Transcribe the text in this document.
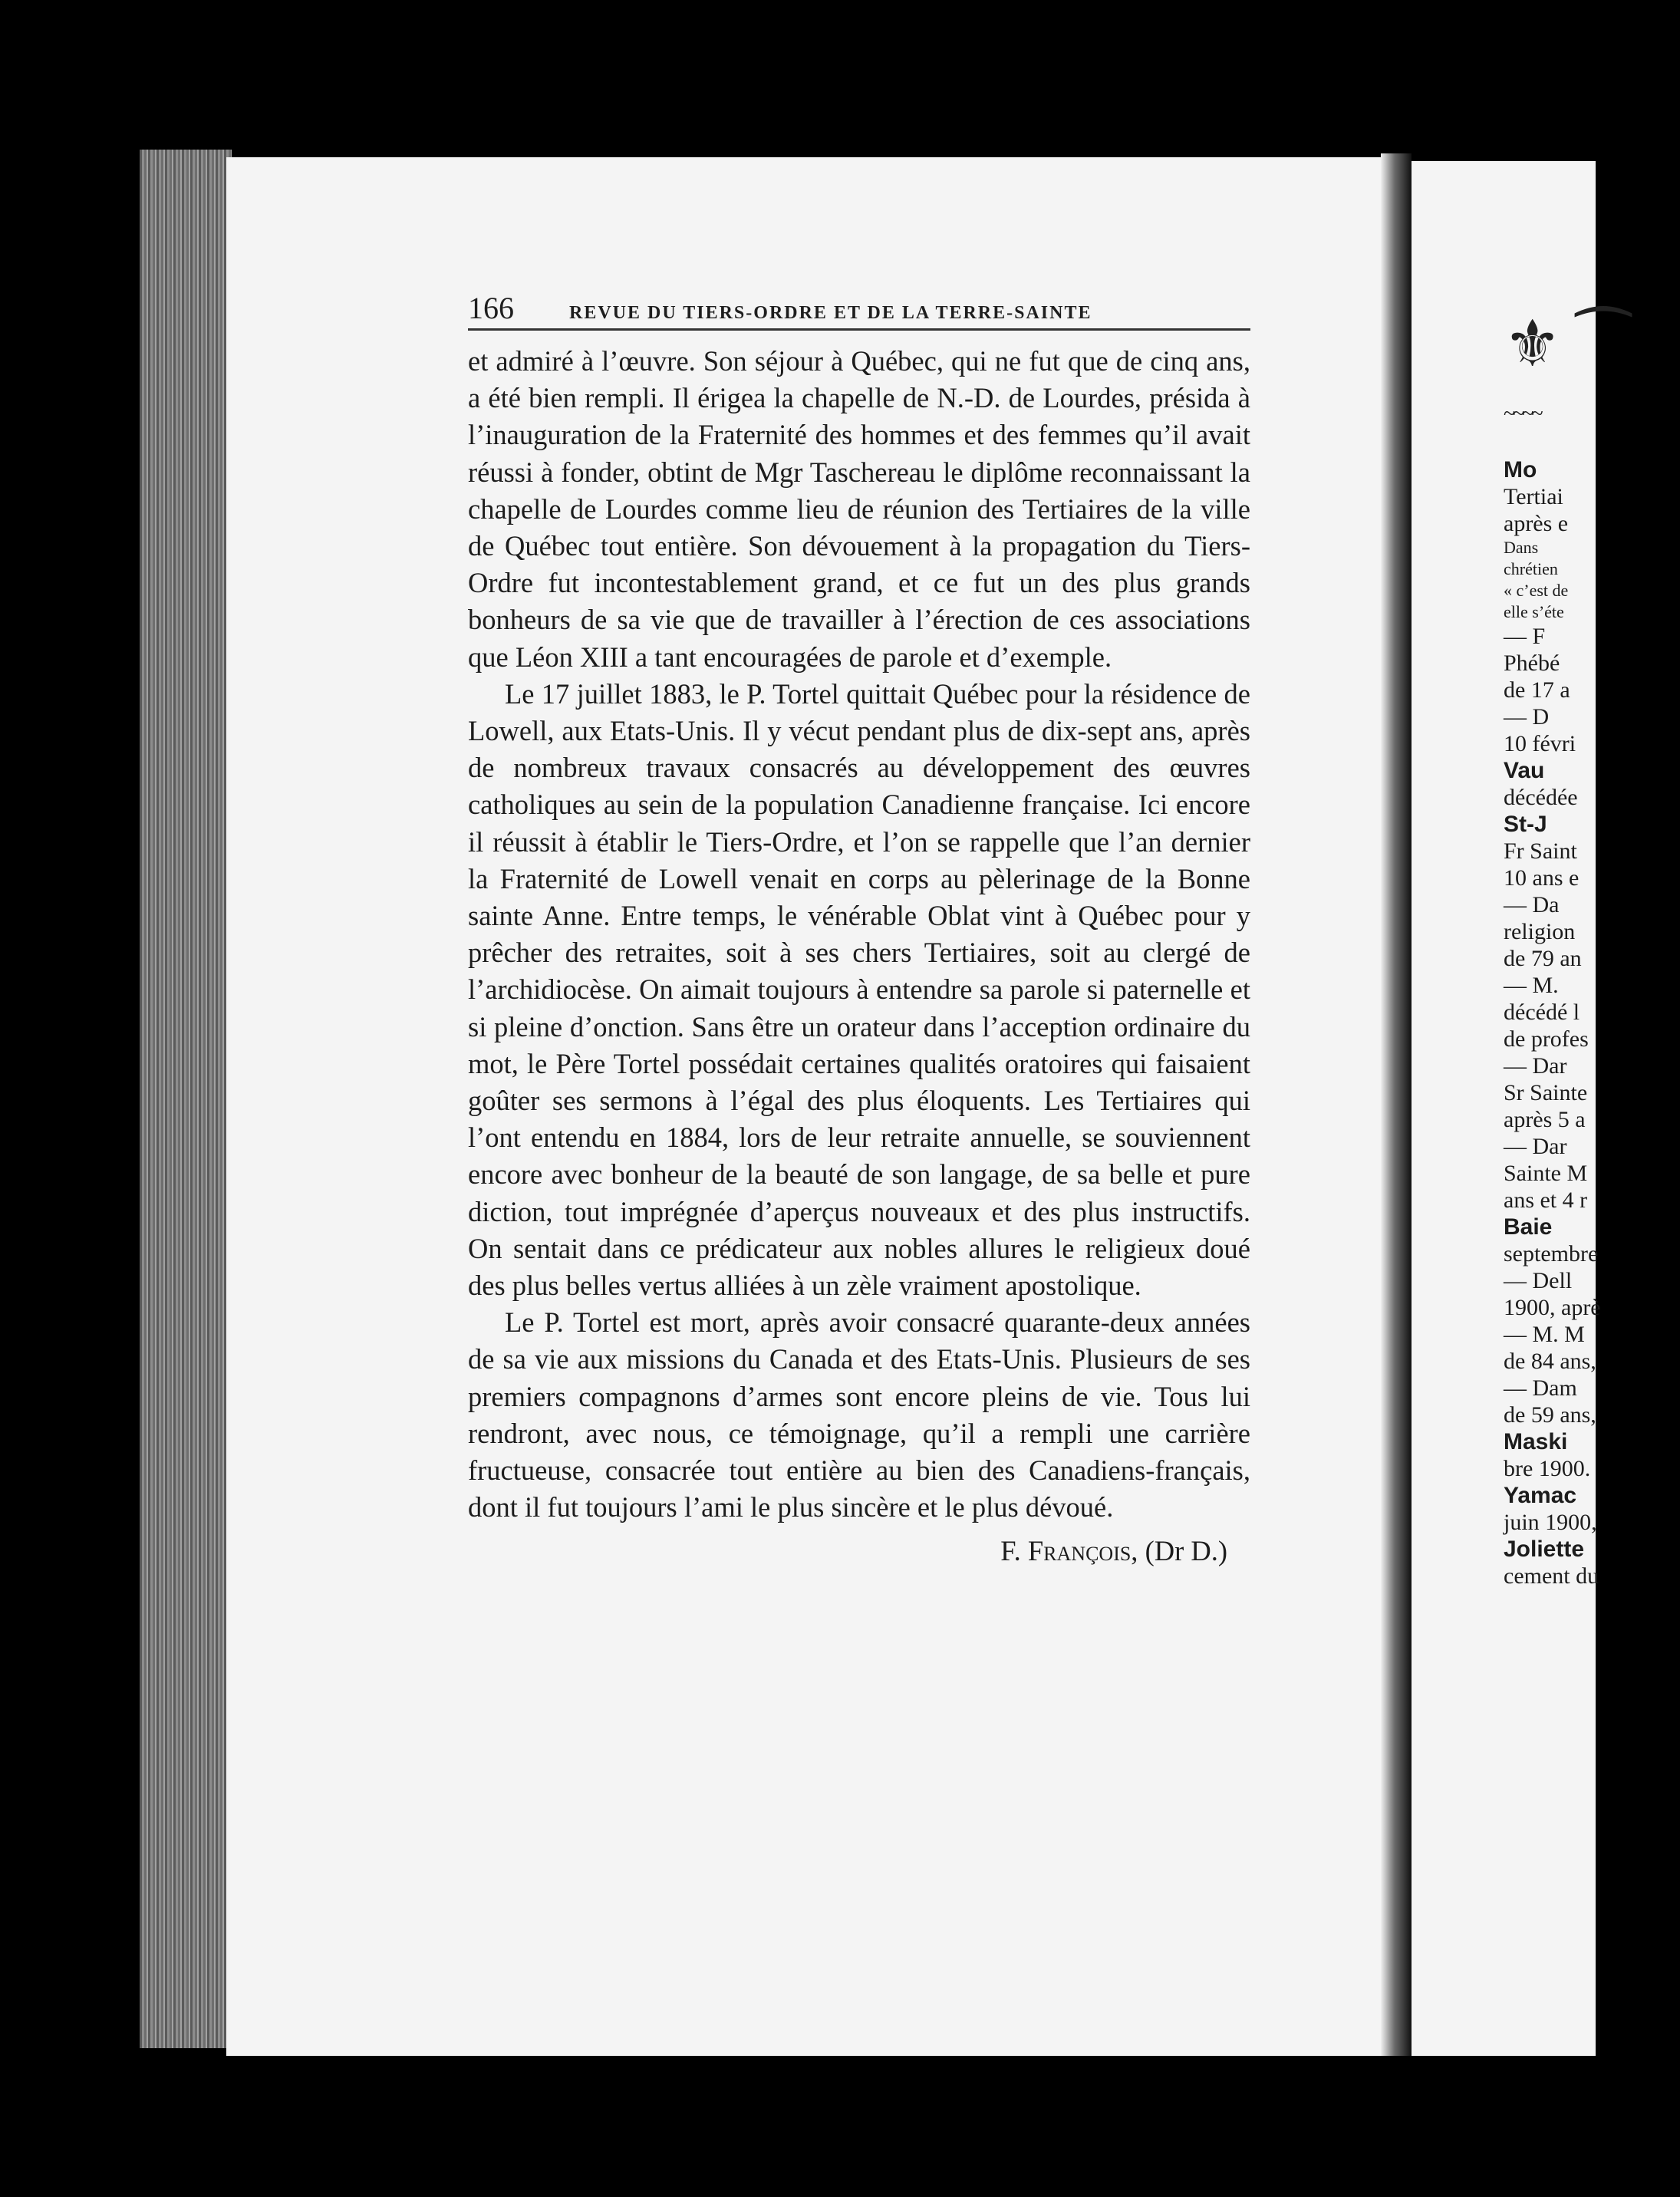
166	REVUE DU TIERS-ORDRE ET DE LA TERRE-SAINTE

et admiré à l’œuvre. Son séjour à Québec, qui ne fut que de cinq ans, a été bien rempli. Il érigea la chapelle de N.-D. de Lourdes, présida à l’inauguration de la Fraternité des hommes et des femmes qu’il avait réussi à fonder, obtint de Mgr Taschereau le diplôme reconnaissant la chapelle de Lourdes comme lieu de réunion des Tertiaires de la ville de Québec tout entière. Son dévouement à la propagation du Tiers-Ordre fut incontestablement grand, et ce fut un des plus grands bonheurs de sa vie que de travailler à l’érection de ces associations que Léon XIII a tant encouragées de parole et d’exemple.

Le 17 juillet 1883, le P. Tortel quittait Québec pour la résidence de Lowell, aux Etats-Unis. Il y vécut pendant plus de dix-sept ans, après de nombreux travaux consacrés au développement des œuvres catholiques au sein de la population Canadienne française. Ici encore il réussit à établir le Tiers-Ordre, et l’on se rappelle que l’an dernier la Fraternité de Lowell venait en corps au pèlerinage de la Bonne sainte Anne. Entre temps, le vénérable Oblat vint à Québec pour y prêcher des retraites, soit à ses chers Tertiaires, soit au clergé de l’archidiocèse. On aimait toujours à entendre sa parole si paternelle et si pleine d’onction. Sans être un orateur dans l’acception ordinaire du mot, le Père Tortel possédait certaines qualités oratoires qui faisaient goûter ses sermons à l’égal des plus éloquents. Les Tertiaires qui l’ont entendu en 1884, lors de leur retraite annuelle, se souviennent encore avec bonheur de la beauté de son langage, de sa belle et pure diction, tout imprégnée d’aperçus nouveaux et des plus instructifs. On sentait dans ce prédicateur aux nobles allures le religieux doué des plus belles vertus alliées à un zèle vraiment apostolique.

Le P. Tortel est mort, après avoir consacré quarante-deux années de sa vie aux missions du Canada et des Etats-Unis. Plusieurs de ses premiers compagnons d’armes sont encore pleins de vie. Tous lui rendront, avec nous, ce témoignage, qu’il a rempli une carrière fructueuse, consacrée tout entière au bien des Canadiens-français, dont il fut toujours l’ami le plus sincère et le plus dévoué.

F. François, (Dr D.)

⚜ ⁀
~~~~
Mo
Tertiai
après e
Dans
chrétien
« c’est de
elle s’éte
— F
Phébé
de 17 a
— D
10 févri
Vau
décédée
St-J
Fr Saint
10 ans e
— Da
religion
de 79 an
— M.
décédé l
de profes
— Dar
Sr Sainte
après 5 a
— Dar
Sainte M
ans et 4 r
Baie
septembre
— Dell
1900, aprè
— M. M
de 84 ans,
— Dam
de 59 ans,
Maski
bre 1900.
Yamac
juin 1900,
Joliette
cement du
